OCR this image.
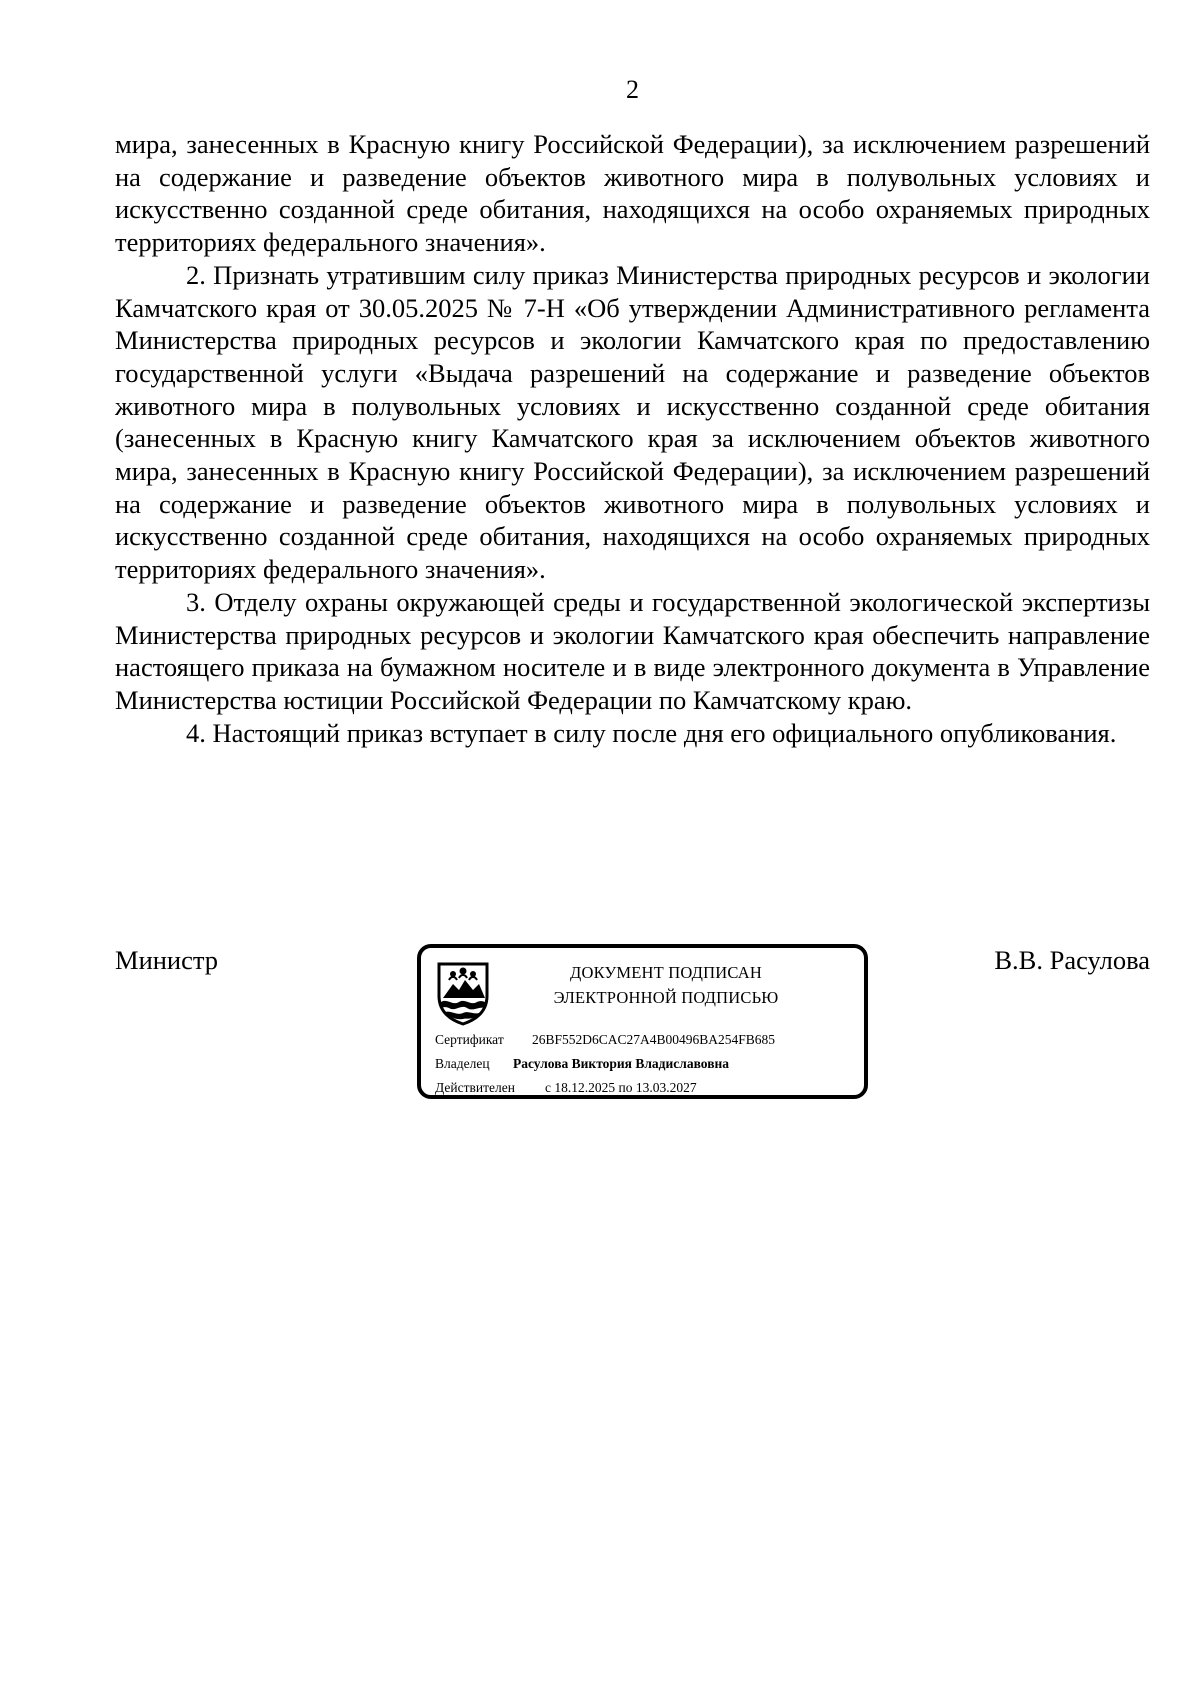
2

мира, занесенных в Красную книгу Российской Федерации), за исключением разрешений на содержание и разведение объектов животного мира в полувольных условиях и искусственно созданной среде обитания, находящихся на особо охраняемых природных территориях федерального значения».

2. Признать утратившим силу приказ Министерства природных ресурсов и экологии Камчатского края от 30.05.2025 № 7-Н «Об утверждении Административного регламента Министерства природных ресурсов и экологии Камчатского края по предоставлению государственной услуги «Выдача разрешений на содержание и разведение объектов животного мира в полувольных условиях и искусственно созданной среде обитания (занесенных в Красную книгу Камчатского края за исключением объектов животного мира, занесенных в Красную книгу Российской Федерации), за исключением разрешений на содержание и разведение объектов животного мира в полувольных условиях и искусственно созданной среде обитания, находящихся на особо охраняемых природных территориях федерального значения».

3. Отделу охраны окружающей среды и государственной экологической экспертизы Министерства природных ресурсов и экологии Камчатского края обеспечить направление настоящего приказа на бумажном носителе и в виде электронного документа в Управление Министерства юстиции Российской Федерации по Камчатскому краю.

4. Настоящий приказ вступает в силу после дня его официального опубликования.

Министр	ДОКУМЕНТ ПОДПИСАН
ЭЛЕКТРОННОЙ ПОДПИСЬЮ
Сертификат 26BF552D6CAC27A4B00496BA254FB685
Владелец Расулова Виктория Владиславовна
Действителен с 18.12.2025 по 13.03.2027
В.В. Расулова
